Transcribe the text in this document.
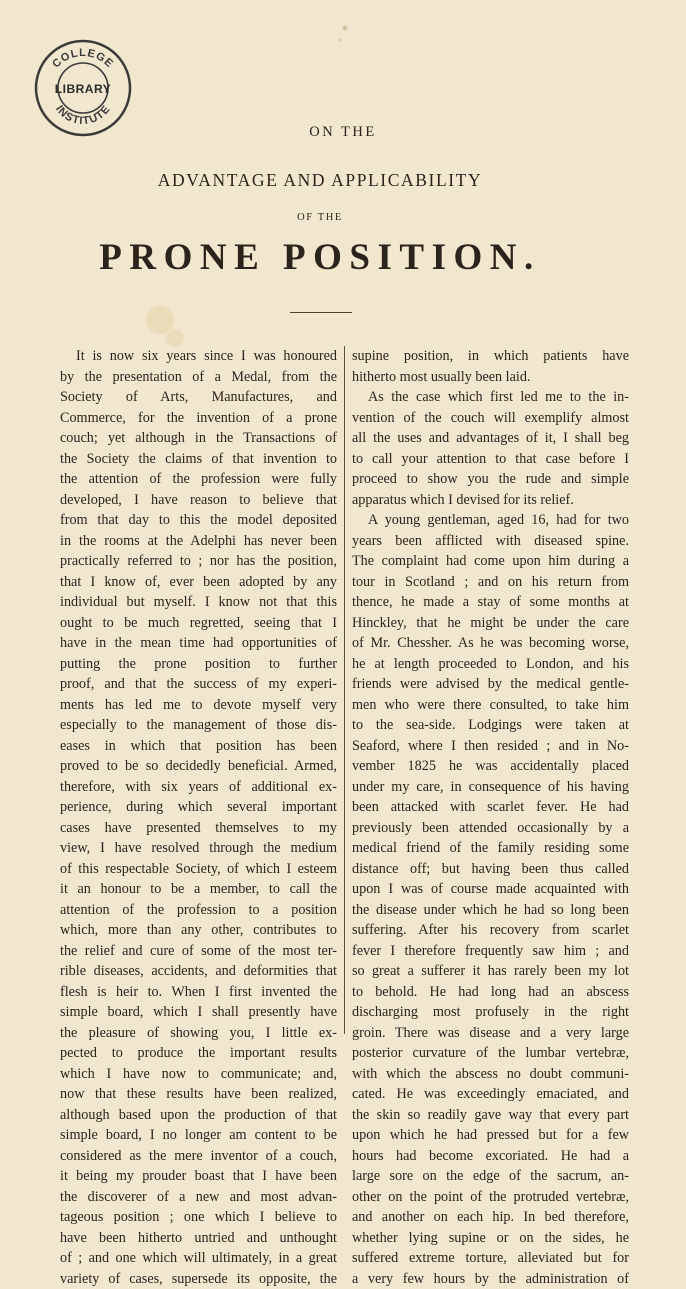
COLLEGE
INSTITUTE
LIBRARY
ON THE
ADVANTAGE AND APPLICABILITY
OF THE
PRONE POSITION.
It is now six years since I was honoured
by the presentation of a Medal, from the
Society of Arts, Manufactures, and
Commerce, for the invention of a prone
couch; yet although in the Transactions of
the Society the claims of that invention to
the attention of the profession were fully
developed, I have reason to believe that
from that day to this the model deposited
in the rooms at the Adelphi has never been
practically referred to ; nor has the position,
that I know of, ever been adopted by any
individual but myself. I know not that this
ought to be much regretted, seeing that I
have in the mean time had opportunities of
putting the prone position to further
proof, and that the success of my experi-
ments has led me to devote myself very
especially to the management of those dis-
eases in which that position has been
proved to be so decidedly beneficial. Armed,
therefore, with six years of additional ex-
perience, during which several important
cases have presented themselves to my
view, I have resolved through the medium
of this respectable Society, of which I esteem
it an honour to be a member, to call the
attention of the profession to a position
which, more than any other, contributes to
the relief and cure of some of the most ter-
rible diseases, accidents, and deformities that
flesh is heir to. When I first invented the
simple board, which I shall presently have
the pleasure of showing you, I little ex-
pected to produce the important results
which I have now to communicate; and,
now that these results have been realized,
although based upon the production of that
simple board, I no longer am content to be
considered as the mere inventor of a couch,
it being my prouder boast that I have been
the discoverer of a new and most advan-
tageous position ; one which I believe to
have been hitherto untried and unthought
of ; and one which will ultimately, in a great
variety of cases, supersede its opposite, the
supine position, in which patients have
hitherto most usually been laid.
As the case which first led me to the in-
vention of the couch will exemplify almost
all the uses and advantages of it, I shall beg
to call your attention to that case before I
proceed to show you the rude and simple
apparatus which I devised for its relief.
A young gentleman, aged 16, had for two
years been afflicted with diseased spine.
The complaint had come upon him during a
tour in Scotland ; and on his return from
thence, he made a stay of some months at
Hinckley, that he might be under the care
of Mr. Chessher. As he was becoming worse,
he at length proceeded to London, and his
friends were advised by the medical gentle-
men who were there consulted, to take him
to the sea-side. Lodgings were taken at
Seaford, where I then resided ; and in No-
vember 1825 he was accidentally placed
under my care, in consequence of his having
been attacked with scarlet fever. He had
previously been attended occasionally by a
medical friend of the family residing some
distance off; but having been thus called
upon I was of course made acquainted with
the disease under which he had so long been
suffering. After his recovery from scarlet
fever I therefore frequently saw him ; and
so great a sufferer it has rarely been my lot
to behold. He had long had an abscess
discharging most profusely in the right
groin. There was disease and a very large
posterior curvature of the lumbar vertebræ,
with which the abscess no doubt communi-
cated. He was exceedingly emaciated, and
the skin so readily gave way that every part
upon which he had pressed but for a few
hours had become excoriated. He had a
large sore on the edge of the sacrum, an-
other on the point of the protruded vertebræ,
and another on each hip. In bed therefore,
whether lying supine or on the sides, he
suffered extreme torture, alleviated but for
a very few hours by the administration of
